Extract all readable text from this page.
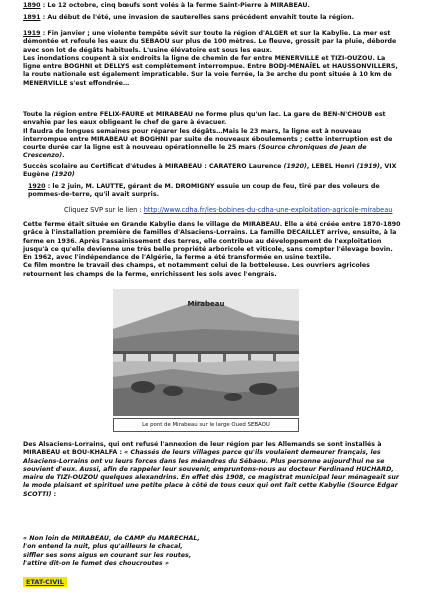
1890 : Le 12 octobre, cinq bœufs sont volés à la ferme Saint-Pierre à MIRABEAU.
1891 : Au début de l'été, une invasion de sauterelles sans précédent envahit toute la région.
1919 : Fin janvier ; une violente tempête sévit sur toute la région d'ALGER et sur la Kabylie. La mer est démontée et refoule les eaux du SEBAOU sur plus de 100 mètres. Le fleuve, grossit par la pluie, déborde avec son lot de dégâts habituels. L'usine élévatoire est sous les eaux.
Les inondations coupent à six endroits la ligne de chemin de fer entre MENERVILLE et TIZI-OUZOU. La ligne entre BOGHNI et DELLYS est complètement interrompue. Entre BODJ-MENAÏEL et HAUSSONVILLERS, la route nationale est également impraticable. Sur la voie ferrée, la 3e arche du pont située à 10 km de MENERVILLE s'est effondrée…
Toute la région entre FELIX-FAURE et MIRABEAU ne forme plus qu'un lac. La gare de BEN-N'CHOUB est envahie par les eaux obligeant le chef de gare à évacuer.
Il faudra de longues semaines pour réparer les dégâts…Mais le 23 mars, la ligne est à nouveau interrompue entre MIRABEAU et BOGHNI par suite de nouveaux éboulements ; cette interruption est de courte durée car la ligne est à nouveau opérationnelle le 25 mars (Source chroniques de Jean de Crescenzo).
Succès scolaire au Certificat d'études à MIRABEAU : CARATERO Laurence (1920), LEBEL Henri (1919), VIX Eugène (1920)
1920 : le 2 juin, M. LAUTTE, gérant de M. DROMIGNY essuie un coup de feu, tiré par des voleurs de pommes-de-terre, qu'il avait surpris.
Cliquez SVP sur le lien : http://www.cdha.fr/les-bobines-du-cdha-une-exploitation-agricole-mirabeau
Cette ferme était située en Grande Kabylie dans le village de MIRABEAU. Elle a été créée entre 1870-1890 grâce à l'installation première de familles d'Alsaciens-Lorrains. La famille DECAILLET arrive, ensuite, à la ferme en 1936. Après l'assainissement des terres, elle contribue au développement de l'exploitation jusqu'à ce qu'elle devienne une très belle propriété arboricole et viticole, sans compter l'élevage bovin.
En 1962, avec l'indépendance de l'Algérie, la ferme a été transformée en usine textile.
Ce film montre le travail des champs, et notamment celui de la botteleuse. Les ouvriers agricoles retournent les champs de la ferme, enrichissent les sols avec l'engrais.
Mirabeau
Le pont de Mirabeau sur le large Oued SEBAOU
Des Alsaciens-Lorrains, qui ont refusé l'annexion de leur région par les Allemands se sont installés à MIRABEAU et BOU-KHALFA : « Chassés de leurs villages parce qu'ils voulaient demeurer français, les Alsaciens-Lorrains ont vu leurs forces dans les méandres du Sébaou. Plus personne aujourd'hui ne se souvient d'eux. Aussi, afin de rappeler leur souvenir, empruntons-nous au docteur Ferdinand HUCHARD, maire de TIZI-OUZOU quelques alexandrins. En effet dès 1908, ce magistrat municipal leur ménageait sur le mode plaisant et spirituel une petite place à côté de tous ceux qui ont fait cette Kabylie (Source Edgar SCOTTI) :
« Non loin de MIRABEAU, de CAMP du MARECHAL,
l'on entend la nuit, plus qu'ailleurs le chacal,
siffler ses sons aigus en courant sur les routes,
l'attire dit-on le fumet des choucroutes »
ETAT-CIVIL
